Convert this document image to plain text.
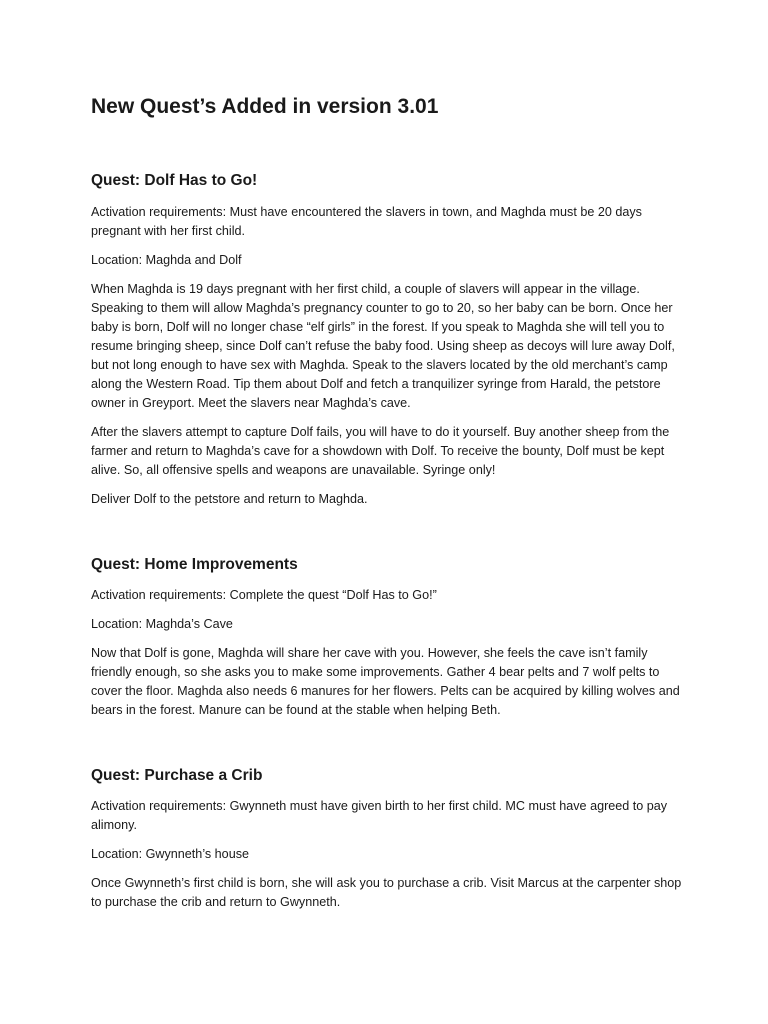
New Quest’s Added in version 3.01
Quest: Dolf Has to Go!

Activation requirements: Must have encountered the slavers in town, and Maghda must be 20 days pregnant with her first child.

Location: Maghda and Dolf

When Maghda is 19 days pregnant with her first child, a couple of slavers will appear in the village. Speaking to them will allow Maghda’s pregnancy counter to go to 20, so her baby can be born. Once her baby is born, Dolf will no longer chase “elf girls” in the forest. If you speak to Maghda she will tell you to resume bringing sheep, since Dolf can’t refuse the baby food. Using sheep as decoys will lure away Dolf, but not long enough to have sex with Maghda. Speak to the slavers located by the old merchant’s camp along the Western Road. Tip them about Dolf and fetch a tranquilizer syringe from Harald, the petstore owner in Greyport. Meet the slavers near Maghda’s cave.

After the slavers attempt to capture Dolf fails, you will have to do it yourself. Buy another sheep from the farmer and return to Maghda’s cave for a showdown with Dolf. To receive the bounty, Dolf must be kept alive. So, all offensive spells and weapons are unavailable. Syringe only!

Deliver Dolf to the petstore and return to Maghda.

Quest: Home Improvements

Activation requirements: Complete the quest “Dolf Has to Go!”

Location: Maghda’s Cave

Now that Dolf is gone, Maghda will share her cave with you. However, she feels the cave isn’t family friendly enough, so she asks you to make some improvements. Gather 4 bear pelts and 7 wolf pelts to cover the floor. Maghda also needs 6 manures for her flowers. Pelts can be acquired by killing wolves and bears in the forest. Manure can be found at the stable when helping Beth.

Quest: Purchase a Crib

Activation requirements: Gwynneth must have given birth to her first child. MC must have agreed to pay alimony.

Location: Gwynneth’s house

Once Gwynneth’s first child is born, she will ask you to purchase a crib. Visit Marcus at the carpenter shop to purchase the crib and return to Gwynneth.
